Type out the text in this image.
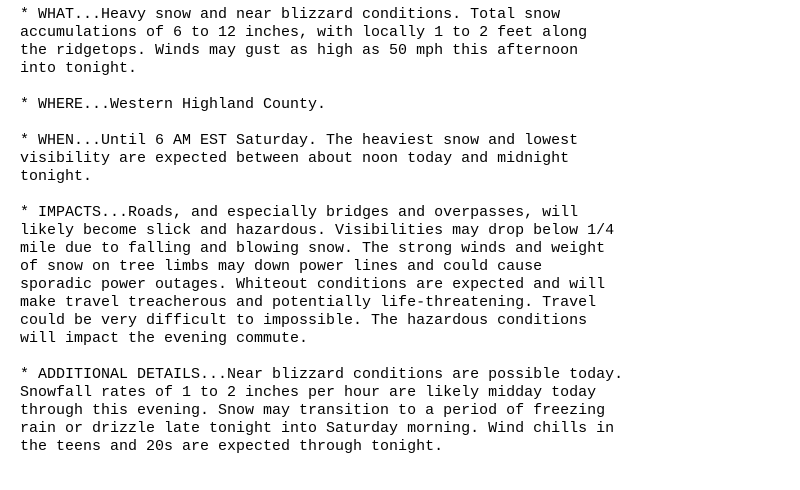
* WHAT...Heavy snow and near blizzard conditions. Total snow
accumulations of 6 to 12 inches, with locally 1 to 2 feet along
the ridgetops. Winds may gust as high as 50 mph this afternoon
into tonight.
* WHERE...Western Highland County.
* WHEN...Until 6 AM EST Saturday. The heaviest snow and lowest
visibility are expected between about noon today and midnight
tonight.
* IMPACTS...Roads, and especially bridges and overpasses, will
likely become slick and hazardous. Visibilities may drop below 1/4
mile due to falling and blowing snow. The strong winds and weight
of snow on tree limbs may down power lines and could cause
sporadic power outages. Whiteout conditions are expected and will
make travel treacherous and potentially life-threatening. Travel
could be very difficult to impossible. The hazardous conditions
will impact the evening commute.
* ADDITIONAL DETAILS...Near blizzard conditions are possible today.
Snowfall rates of 1 to 2 inches per hour are likely midday today
through this evening. Snow may transition to a period of freezing
rain or drizzle late tonight into Saturday morning. Wind chills in
the teens and 20s are expected through tonight.
